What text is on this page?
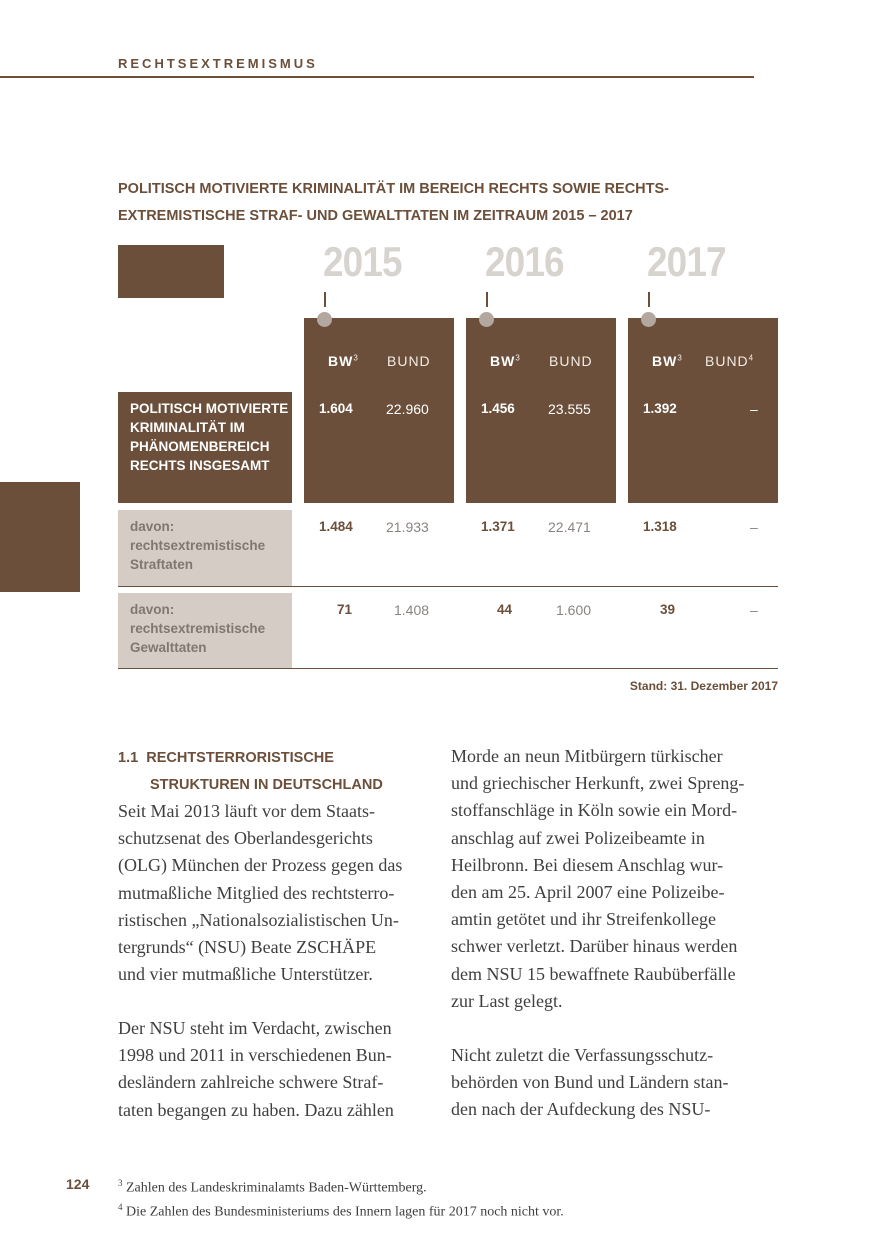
RECHTSEXTREMISMUS
POLITISCH MOTIVIERTE KRIMINALITÄT IM BEREICH RECHTS SOWIE RECHTS-
EXTREMISTISCHE STRAF- UND GEWALTTATEN IM ZEITRAUM 2015 – 2017
2015 2016 2017
$BW^3$ BUND	$BW^3$ BUND	$BW^3$ BUND$^4$
POLITISCH MOTIVIERTE KRIMINALITÄT IM PHÄNOMENBEREICH RECHTS INSGESAMT
1.604 22.960	1.456 23.555	1.392	–
davon:
rechtsextremistische
Straftaten
1.484 21.933	1.371 22.471	1.318	–
davon:
rechtsextremistische
Gewalttaten
71	1.408	44	1.600	39	–
Stand: 31. Dezember 2017
1.1 RECHTSTERRORISTISCHE
STRUKTUREN IN DEUTSCHLAND
Seit Mai 2013 läuft vor dem Staats-
schutzsenat des Oberlandesgerichts
(OLG) München der Prozess gegen das
mutmaßliche Mitglied des rechtsterro-
ristischen „Nationalsozialistischen Un-
tergrunds“ (NSU) Beate ZSCHÄPE
und vier mutmaßliche Unterstützer.
Der NSU steht im Verdacht, zwischen
1998 und 2011 in verschiedenen Bun-
desländern zahlreiche schwere Straf-
taten begangen zu haben. Dazu zählen
Morde an neun Mitbürgern türkischer
und griechischer Herkunft, zwei Spreng-
stoffanschläge in Köln sowie ein Mord-
anschlag auf zwei Polizeibeamte in
Heilbronn. Bei diesem Anschlag wur-
den am 25. April 2007 eine Polizeibe-
amtin getötet und ihr Streifenkollege
schwer verletzt. Darüber hinaus werden
dem NSU 15 bewaffnete Raubüberfälle
zur Last gelegt.
Nicht zuletzt die Verfassungsschutz-
behörden von Bund und Ländern stan-
den nach der Aufdeckung des NSU-
124	$^3$ Zahlen des Landeskriminalamts Baden-Württemberg.
$^4$ Die Zahlen des Bundesministeriums des Innern lagen für 2017 noch nicht vor.
